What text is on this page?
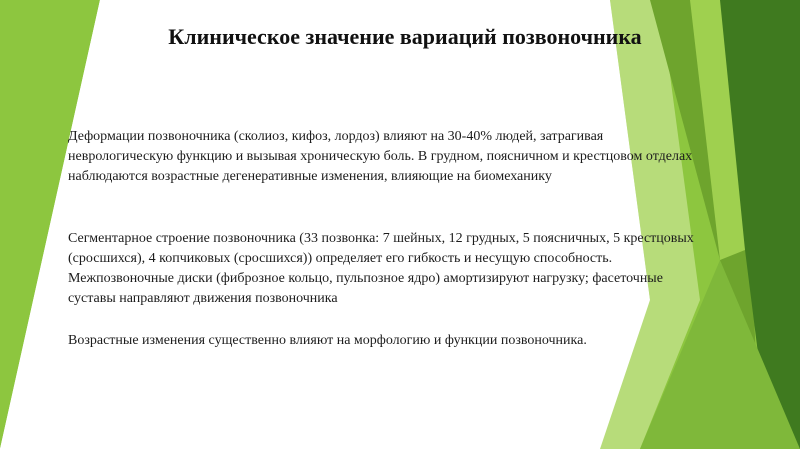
Клиническое значение вариаций позвоночника

Деформации позвоночника (сколиоз, кифоз, лордоз) влияют на 30-40% людей, затрагивая
неврологическую функцию и вызывая хроническую боль. В грудном, поясничном и крестцовом отделах
наблюдаются возрастные дегенеративные изменения, влияющие на биомеханику

Сегментарное строение позвоночника (33 позвонка: 7 шейных, 12 грудных, 5 поясничных, 5 крестцовых
(сросшихся), 4 копчиковых (сросшихся)) определяет его гибкость и несущую способность.
Межпозвоночные диски (фиброзное кольцо, пульпозное ядро) амортизируют нагрузку; фасеточные
суставы направляют движения позвоночника

Возрастные изменения существенно влияют на морфологию и функции позвоночника.
